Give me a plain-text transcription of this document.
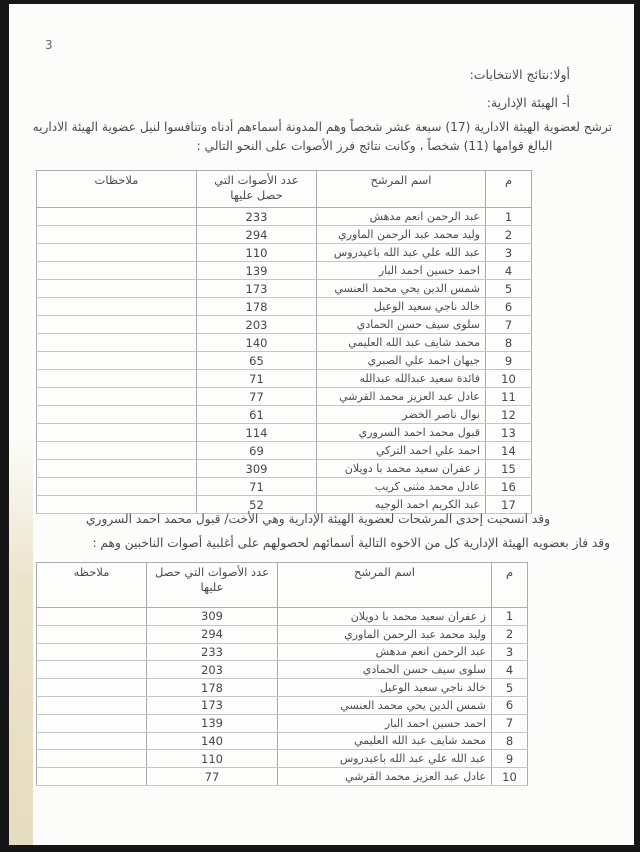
3
أولا:نتائج الانتخابات:
أ- الهيئة الإدارية:
ترشح لعضوية الهيئة الادارية (17) سبعة عشر شخصاً وهم المدونة أسماءهم أدناه وتنافسوا لنيل عضوية الهيئة الاداريه
البالغ قوامها (11) شخصاً ، وكانت نتائج فرز الأصوات على النحو التالي :
م	اسم المرشح	عدد الأصوات التي حصل عليها	ملاحظات
1	عبد الرحمن انعم مدهش	233	
2	وليد محمد عبد الرحمن الماوري	294	
3	عبد الله علي عبد الله باعيدروس	110	
4	احمد حسين احمد البار	139	
5	شمس الدين يحي محمد العنسي	173	
6	خالد ناجي سعيد الوعيل	178	
7	سلوى سيف حسن الحمادي	203	
8	محمد شايف عبد الله العليمي	140	
9	جيهان احمد علي الصبري	65	
10	فائدة سعيد عبدالله عبدالله	71	
11	عادل عبد العزيز محمد القرشي	77	
12	نوال ناصر الخضر	61	
13	قبول محمد احمد السروري	114	
14	احمد علي احمد التركي	69	
15	ز عفران سعيد محمد با دويلان	309	
16	عادل محمد مثنى كريب	71	
17	عبد الكريم احمد الوجيه	52	
وقد انسحبت إحدى المرشحات لعضوية الهيئة الإدارية وهي الأخت/ قبول محمد احمد السروري
وقد فاز بعضويه الهيئة الإدارية كل من الاخوه التالية أسمائهم لحصولهم على أغلبية أصوات الناخبين وهم :
م	اسم المرشح	عدد الأصوات التي حصل عليها	ملاحظه
1	ز عفران سعيد محمد با دويلان	309	
2	وليد محمد عبد الرحمن الماوري	294	
3	عبد الرحمن انعم مدهش	233	
4	سلوى سيف حسن الحمادي	203	
5	خالد ناجي سعيد الوعيل	178	
6	شمس الدين يحي محمد العنسي	173	
7	احمد حسين احمد البار	139	
8	محمد شايف عبد الله العليمي	140	
9	عبد الله علي عبد الله باعيدروس	110	
10	عادل عبد العزيز محمد القرشي	77	
